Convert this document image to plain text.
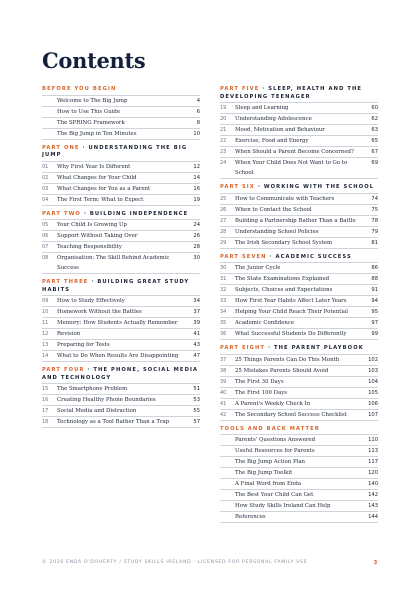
Contents
BEFORE YOU BEGIN
Welcome to The Big Jump	4
How to Use This Guide	6
The SPRING Framework	8
The Big Jump in Ten Minutes	10
PART ONE · UNDERSTANDING THE BIG JUMP
01	Why First Year Is Different	12
02	What Changes for Your Child	14
03	What Changes for You as a Parent	16
04	The First Term: What to Expect	19
PART TWO · BUILDING INDEPENDENCE
05	Your Child Is Growing Up	24
06	Support Without Taking Over	26
07	Teaching Responsibility	28
08	Organisation: The Skill Behind Academic Success
30
PART THREE · BUILDING GREAT STUDY HABITS
09	How to Study Effectively	34
10	Homework Without the Battles	37
11	Memory: How Students Actually Remember	39
12	Revision	41
13	Preparing for Tests	43
14	What to Do When Results Are Disappointing	47
PART FOUR · THE PHONE, SOCIAL MEDIA AND TECHNOLOGY
15	The Smartphone Problem	51
16	Creating Healthy Phone Boundaries	53
17	Social Media and Distraction	55
18	Technology as a Tool Rather Than a Trap	57
PART FIVE · SLEEP, HEALTH AND THE DEVELOPING TEENAGER
19	Sleep and Learning	60
20	Understanding Adolescence	62
21	Mood, Motivation and Behaviour	63
22	Exercise, Food and Energy	65
23	When Should a Parent Become Concerned?	67
24	When Your Child Does Not Want to Go to School
69
PART SIX · WORKING WITH THE SCHOOL
25	How to Communicate with Teachers	74
26	When to Contact the School	75
27	Building a Partnership Rather Than a Battle	78
28	Understanding School Policies	79
29	The Irish Secondary School System	81
PART SEVEN · ACADEMIC SUCCESS
30	The Junior Cycle	86
31	The State Examinations Explained	88
32	Subjects, Choices and Expectations	91
33	How First Year Habits Affect Later Years	94
34	Helping Your Child Reach Their Potential	95
35	Academic Confidence	97
36	What Successful Students Do Differently	99
PART EIGHT · THE PARENT PLAYBOOK
37	25 Things Parents Can Do This Month	102
38	25 Mistakes Parents Should Avoid	103
39	The First 30 Days	104
40	The First 100 Days	105
41	A Parent's Weekly Check In	106
42	The Secondary School Success Checklist	107
TOOLS AND BACK MATTER
Parents' Questions Answered	110
Useful Resources for Parents	113
The Big Jump Action Plan	117
The Big Jump Toolkit	120
A Final Word from Enda	140
The Best Your Child Can Get	142
How Study Skills Ireland Can Help	143
References	144
© 2026 ENDA O'DOHERTY / STUDY SKILLS IRELAND · LICENSED FOR PERSONAL FAMILY USE	3
